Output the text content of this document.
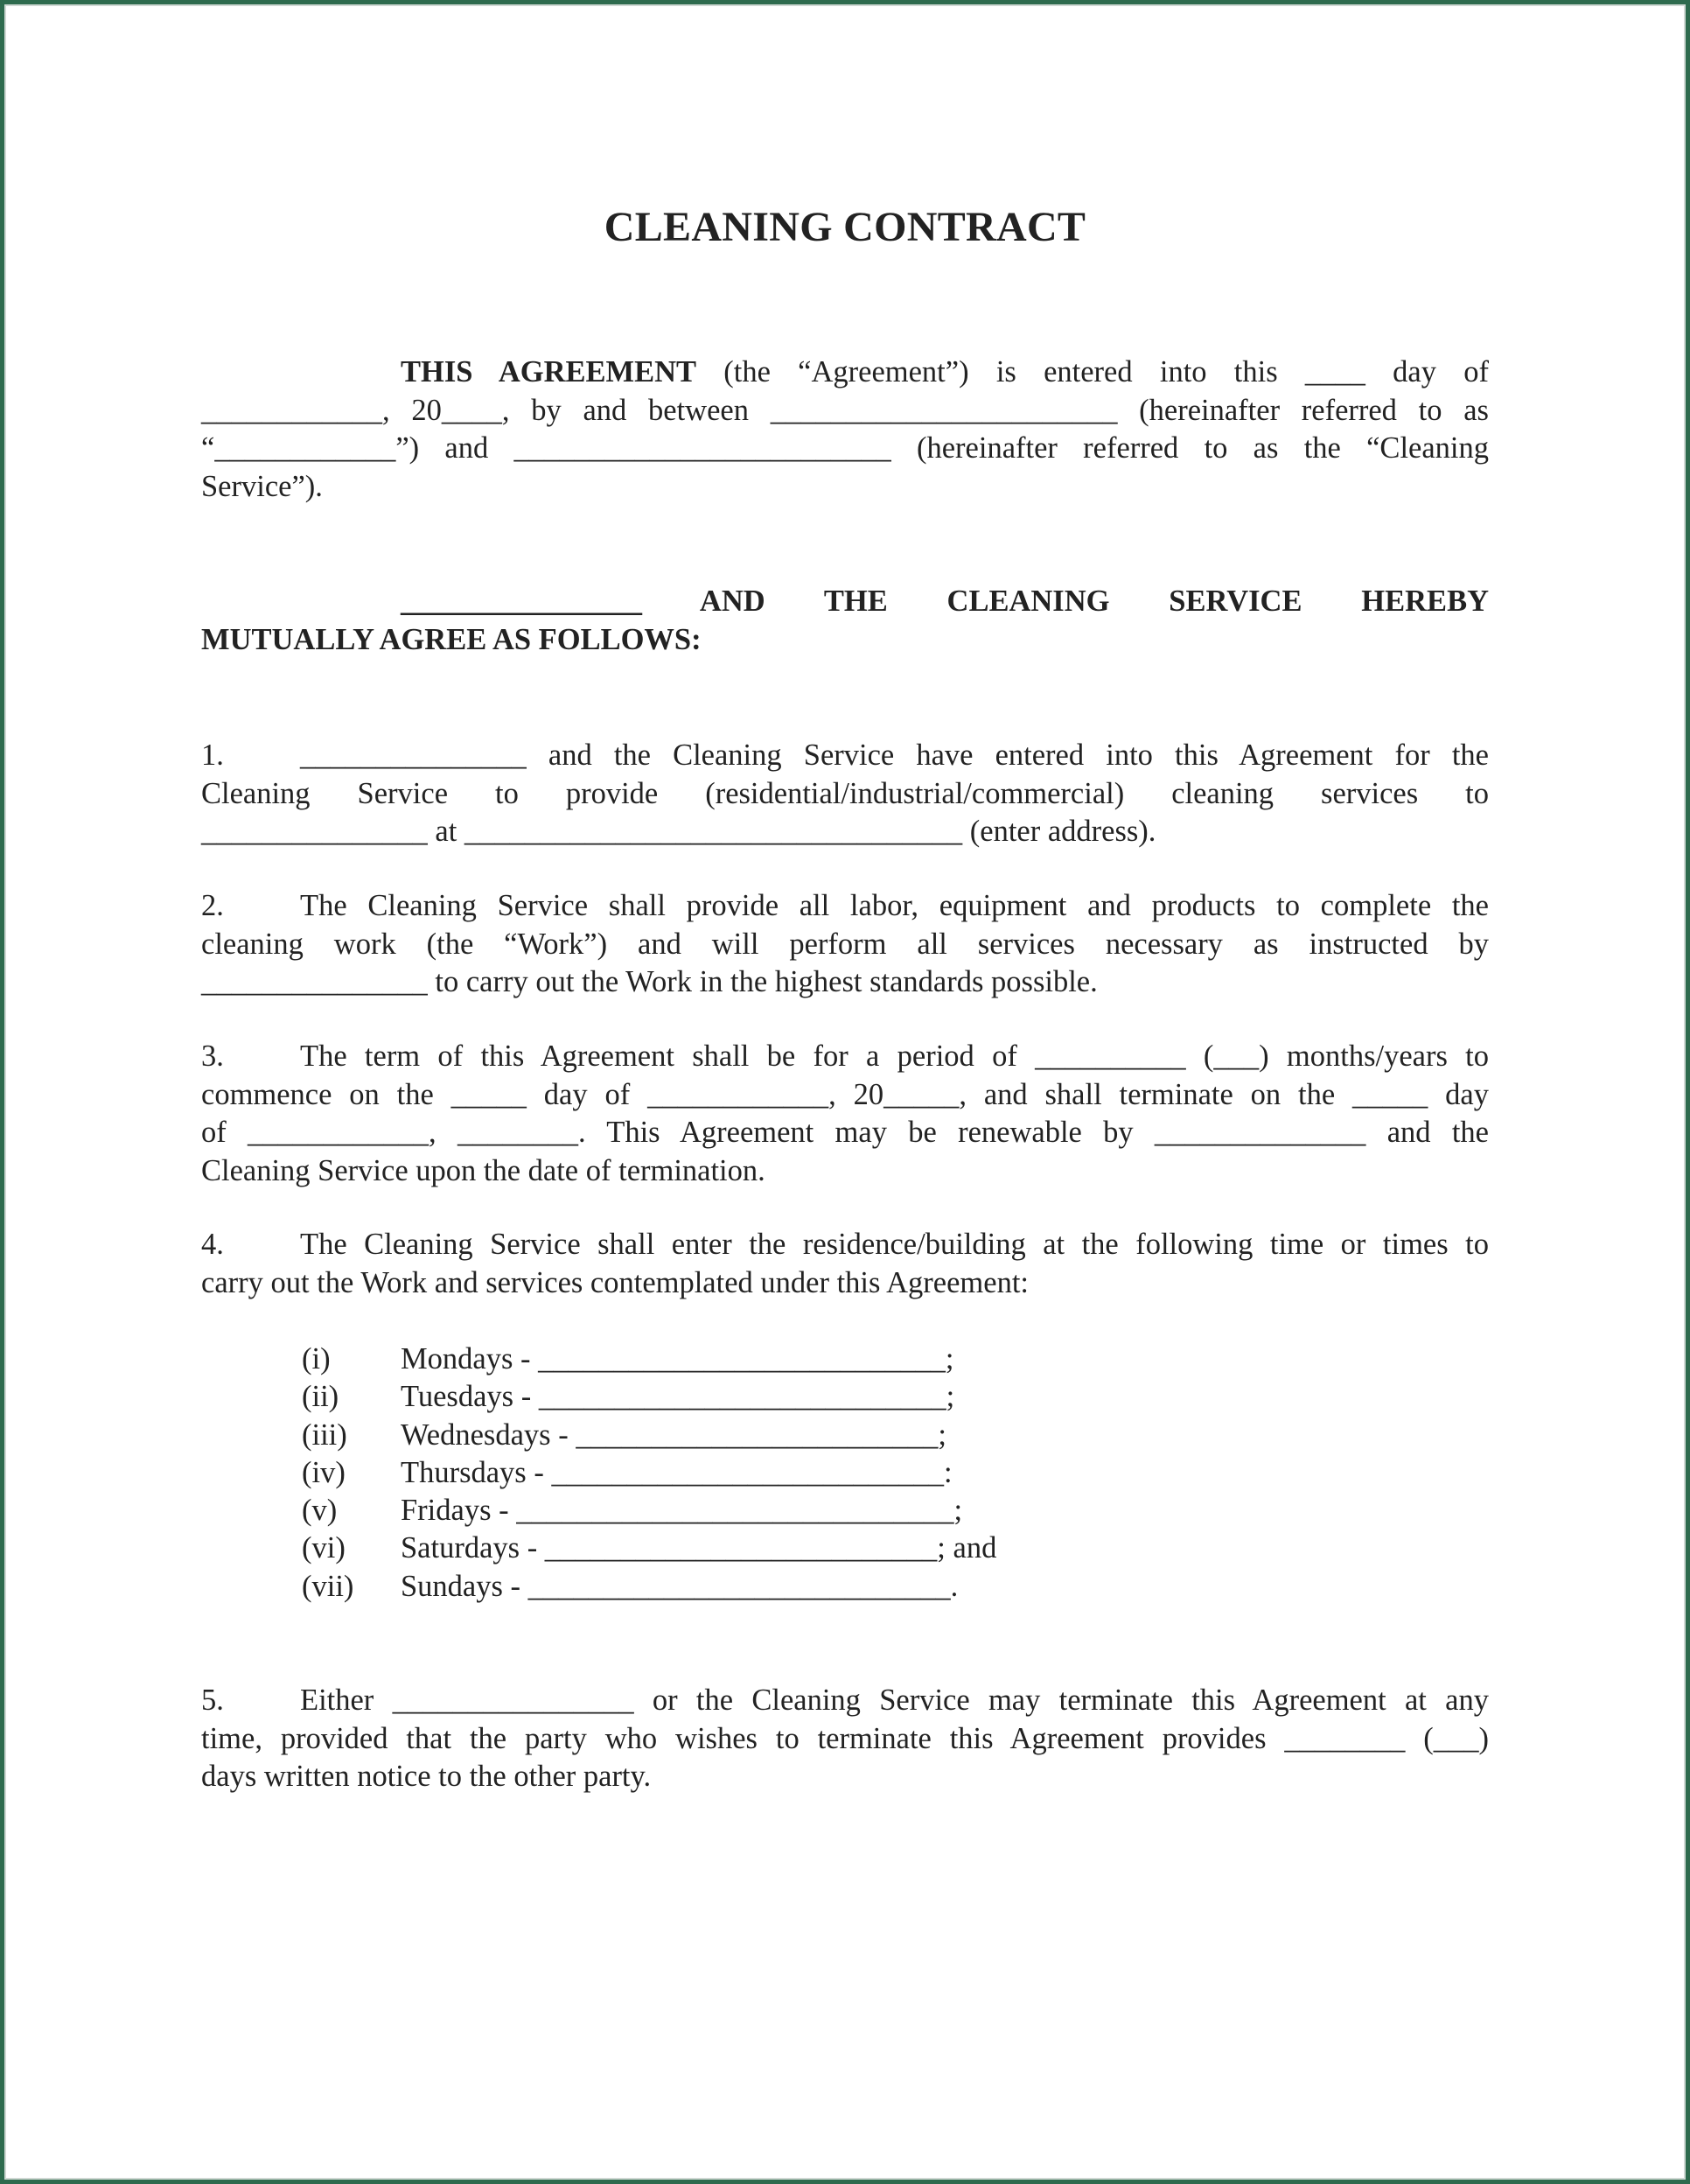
CLEANING CONTRACT
THIS AGREEMENT (the “Agreement”) is entered into this ____ day of
____________, 20____, by and between _______________________ (hereinafter referred to as
“____________”) and _________________________ (hereinafter referred to as the “Cleaning
Service”).
________________ AND THE CLEANING SERVICE HEREBY
MUTUALLY AGREE AS FOLLOWS:
1.	_______________ and the Cleaning Service have entered into this Agreement for the
Cleaning Service to provide (residential/industrial/commercial) cleaning services to
_______________ at _________________________________ (enter address).
2.	The Cleaning Service shall provide all labor, equipment and products to complete the
cleaning work (the “Work”) and will perform all services necessary as instructed by
_______________ to carry out the Work in the highest standards possible.
3.	The term of this Agreement shall be for a period of __________ (___) months/years to
commence on the _____ day of ____________, 20_____, and shall terminate on the _____ day
of ____________, ________. This Agreement may be renewable by ______________ and the
Cleaning Service upon the date of termination.
4.	The Cleaning Service shall enter the residence/building at the following time or times to
carry out the Work and services contemplated under this Agreement:
(i) Mondays - ___________________________;
(ii) Tuesdays - ___________________________;
(iii) Wednesdays - ________________________;
(iv) Thursdays - __________________________:
(v) Fridays - _____________________________;
(vi) Saturdays - __________________________; and
(vii) Sundays - ____________________________.
5.	Either ________________ or the Cleaning Service may terminate this Agreement at any
time, provided that the party who wishes to terminate this Agreement provides ________ (___)
days written notice to the other party.
